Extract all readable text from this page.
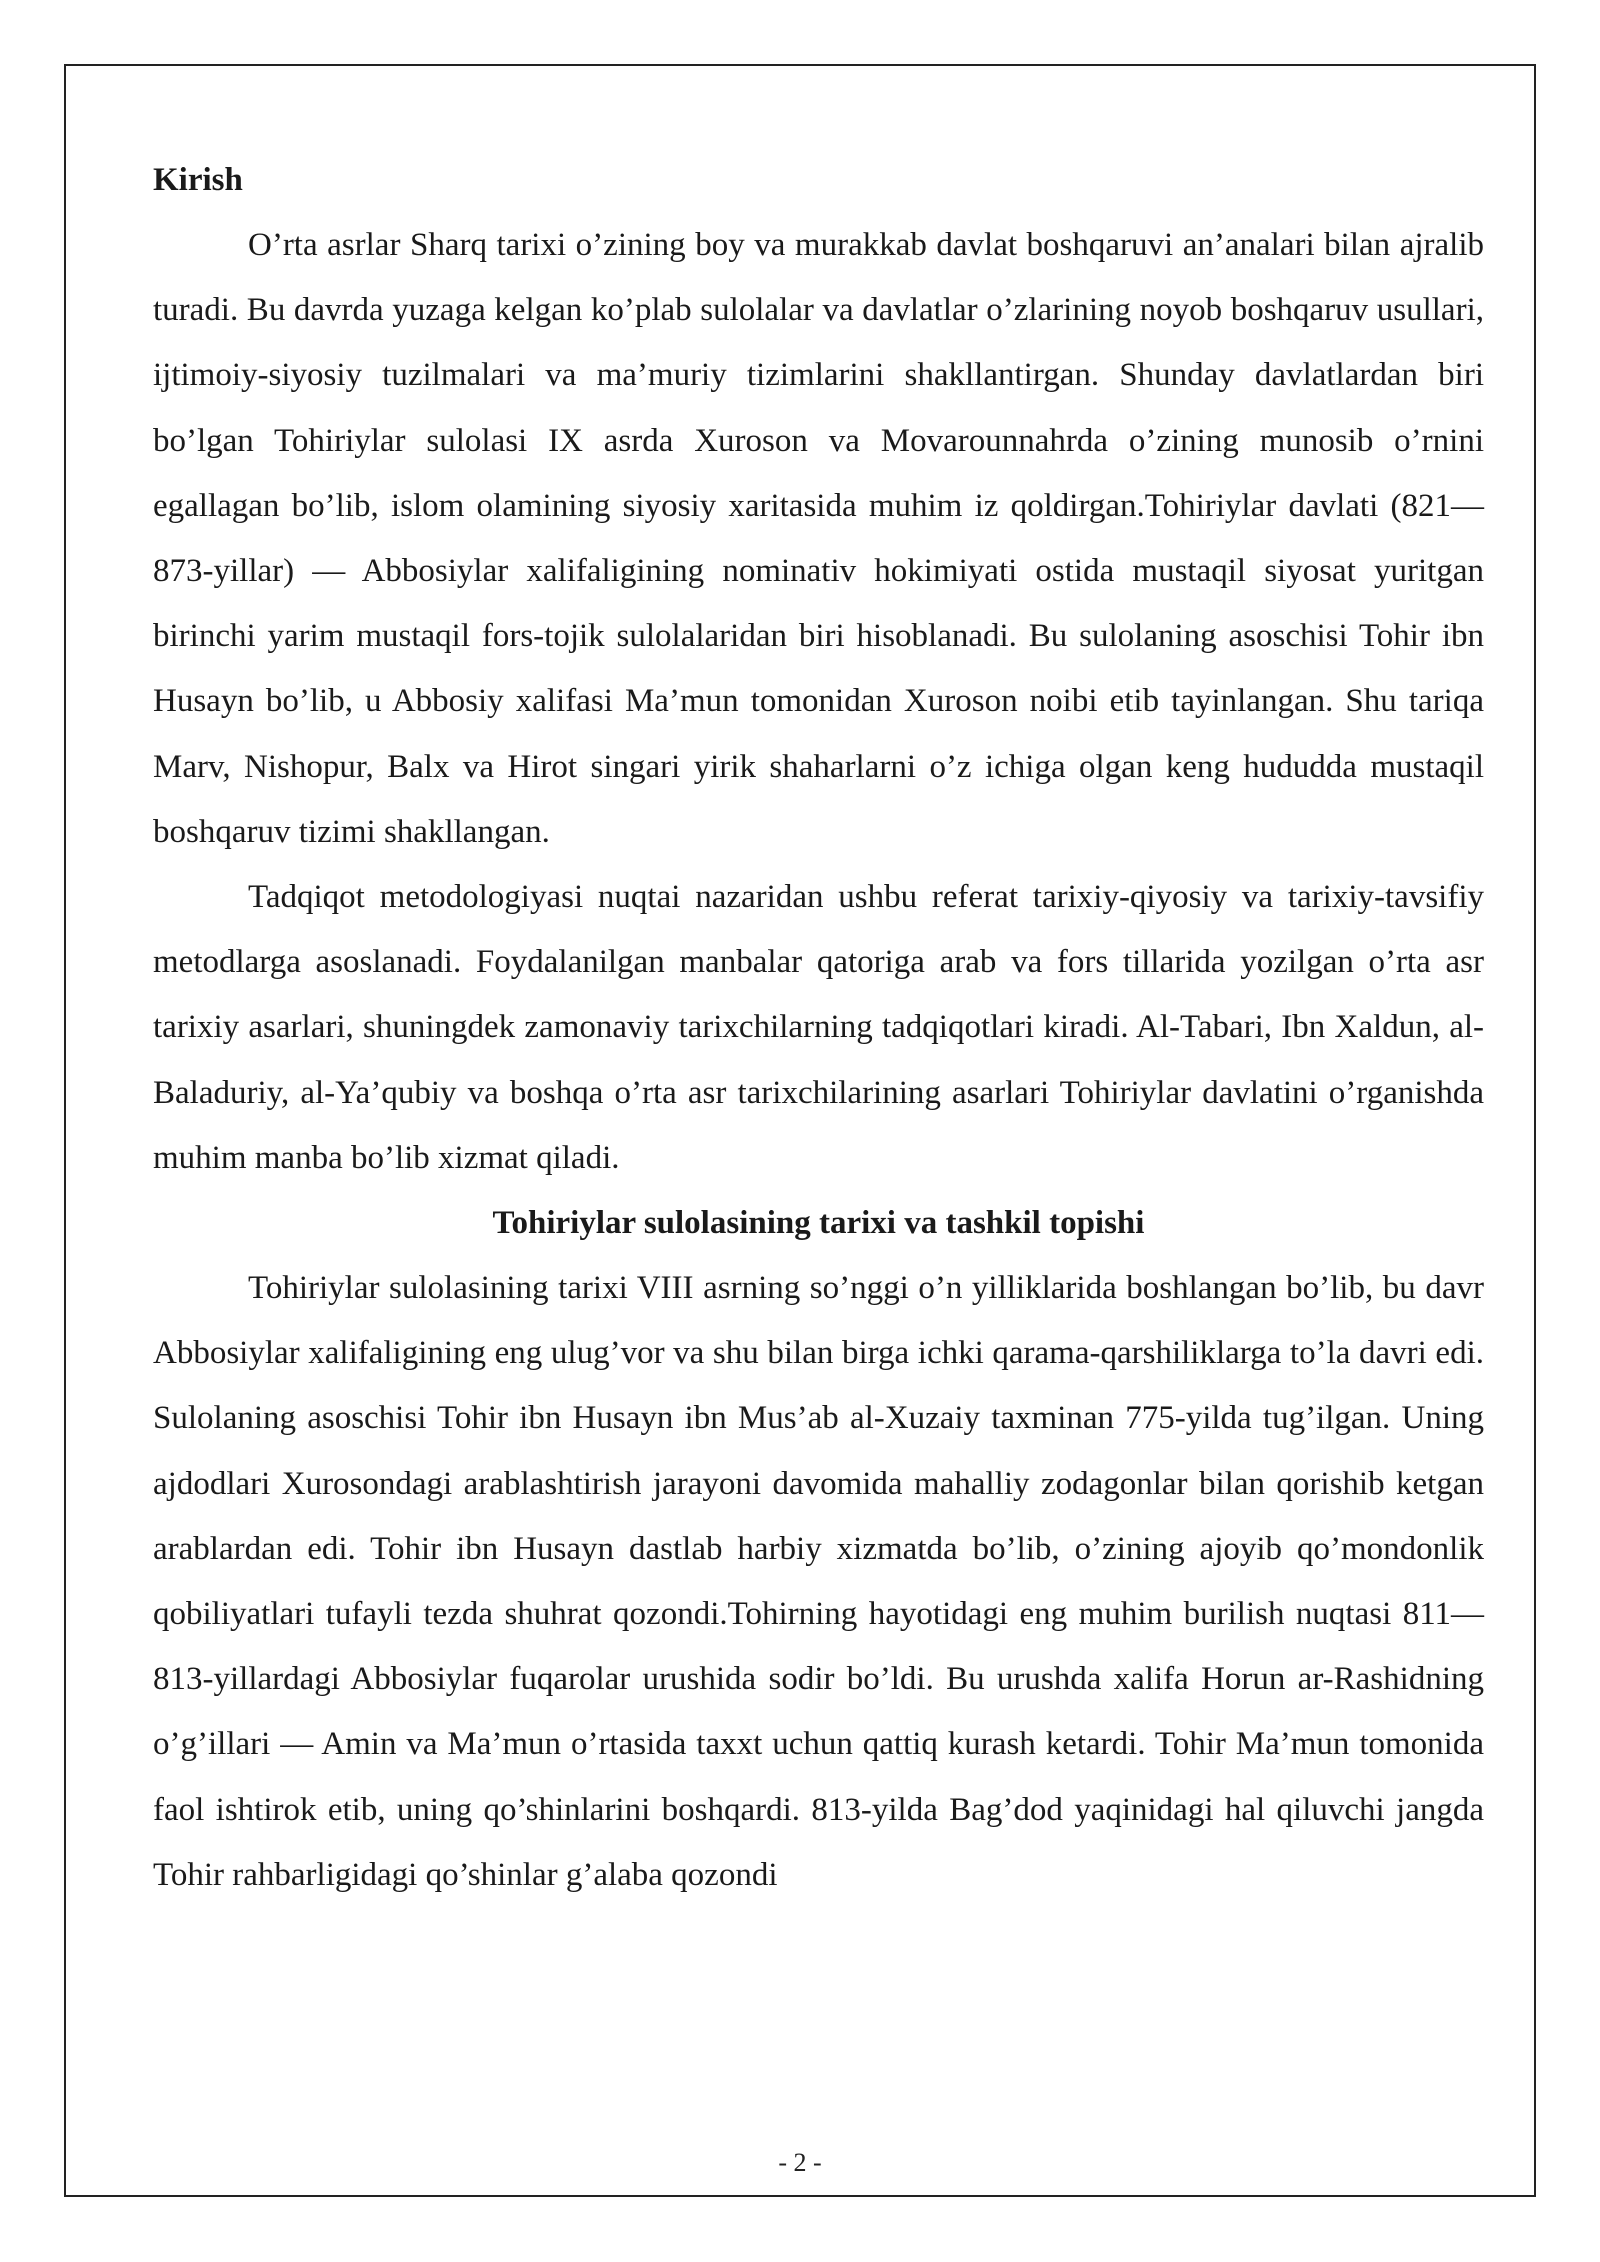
Kirish

O’rta asrlar Sharq tarixi o’zining boy va murakkab davlat boshqaruvi an’analari bilan ajralib turadi. Bu davrda yuzaga kelgan ko’plab sulolalar va davlatlar o’zlarining noyob boshqaruv usullari, ijtimoiy-siyosiy tuzilmalari va ma’muriy tizimlarini shakllantirgan. Shunday davlatlardan biri bo’lgan Tohiriylar sulolasi IX asrda Xuroson va Movarounnahrda o’zining munosib o’rnini egallagan bo’lib, islom olamining siyosiy xaritasida muhim iz qoldirgan.Tohiriylar davlati (821—873-yillar) — Abbosiylar xalifaligining nominativ hokimiyati ostida mustaqil siyosat yuritgan birinchi yarim mustaqil fors-tojik sulolalaridan biri hisoblanadi. Bu sulolaning asoschisi Tohir ibn Husayn bo’lib, u Abbosiy xalifasi Ma’mun tomonidan Xuroson noibi etib tayinlangan. Shu tariqa Marv, Nishopur, Balx va Hirot singari yirik shaharlarni o’z ichiga olgan keng hududda mustaqil boshqaruv tizimi shakllangan.

Tadqiqot metodologiyasi nuqtai nazaridan ushbu referat tarixiy-qiyosiy va tarixiy-tavsifiy metodlarga asoslanadi. Foydalanilgan manbalar qatoriga arab va fors tillarida yozilgan o’rta asr tarixiy asarlari, shuningdek zamonaviy tarixchilarning tadqiqotlari kiradi. Al-Tabari, Ibn Xaldun, al-Baladuriy, al-Ya’qubiy va boshqa o’rta asr tarixchilarining asarlari Tohiriylar davlatini o’rganishda muhim manba bo’lib xizmat qiladi.

Tohiriylar sulolasining tarixi va tashkil topishi

Tohiriylar sulolasining tarixi VIII asrning so’nggi o’n yilliklarida boshlangan bo’lib, bu davr Abbosiylar xalifaligining eng ulug’vor va shu bilan birga ichki qarama-qarshiliklarga to’la davri edi. Sulolaning asoschisi Tohir ibn Husayn ibn Mus’ab al-Xuzaiy taxminan 775-yilda tug’ilgan. Uning ajdodlari Xurosondagi arablashtirish jarayoni davomida mahalliy zodagonlar bilan qorishib ketgan arablardan edi. Tohir ibn Husayn dastlab harbiy xizmatda bo’lib, o’zining ajoyib qo’mondonlik qobiliyatlari tufayli tezda shuhrat qozondi.Tohirning hayotidagi eng muhim burilish nuqtasi 811—813-yillardagi Abbosiylar fuqarolar urushida sodir bo’ldi. Bu urushda xalifa Horun ar-Rashidning o’g’illari — Amin va Ma’mun o’rtasida taxxt uchun qattiq kurash ketardi. Tohir Ma’mun tomonida faol ishtirok etib, uning qo’shinlarini boshqardi. 813-yilda Bag’dod yaqinidagi hal qiluvchi jangda Tohir rahbarligidagi qo’shinlar g’alaba qozondi

- 2 -
